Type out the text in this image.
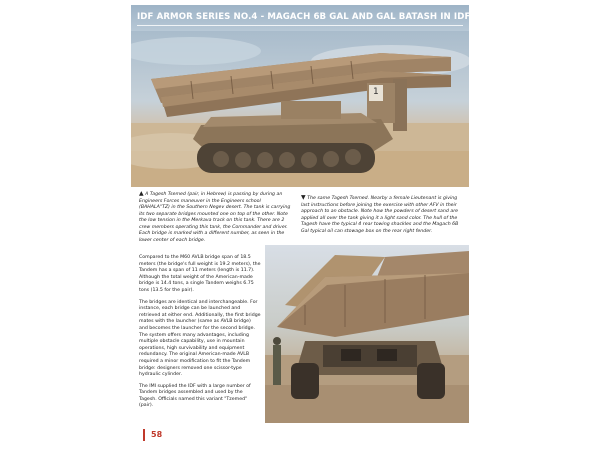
IDF ARMOR SERIES NO.4 - MAGACH 6B GAL AND GAL BATASH IN IDF SERVICE
1
▲ A Tagesh Tsemed (pair, in Hebrew) is passing by during an Engineers Forces maneuver in the Engineers school (BAHALA"TZ) in the Southern Negev desert. The tank is carrying its two separate bridges mounted one on top of the other. Note the low tension in the Merkava track on this tank. There are 2 crew members operating this tank, the Commander and driver. Each bridge is marked with a different number, as seen in the lower center of each bridge.
▼ The same Tagesh Tsemed. Nearby a female Lieutenant is giving last instructions before joining the exercise with other AFV in their approach to an obstacle. Note how the powders of desert sand are applied all over the tank giving it a light sand color. The hull of the Tagesh have the typical 4 rear towing shackles and the Magach 6B Gal typical oil can stowage box on the rear right fender.

Compared to the M60 AVLB bridge span of 18.5 meters (the bridge's full weight is 19.2 meters), the Tandem has a span of 11 meters (length is 11.7). Although the total weight of the American-made bridge is 14.4 tons, a single Tandem weighs 6.75 tons (13.5 for the pair).

The bridges are identical and interchangeable. For instance, each bridge can be launched and retrieved at either end. Additionally, the first bridge mates with the launcher (same as AVLB bridge) and becomes the launcher for the second bridge. The system offers many advantages, including multiple obstacle capability, use in mountain operations, high survivability and equipment redundancy. The original American-made AVLB required a minor modification to fit the Tandem bridge: designers removed one scissor-type hydraulic cylinder.

The IMI supplied the IDF with a large number of Tandem bridges assembled and used by the Tagesh. Officials named this variant "Tzemed" (pair).

58
